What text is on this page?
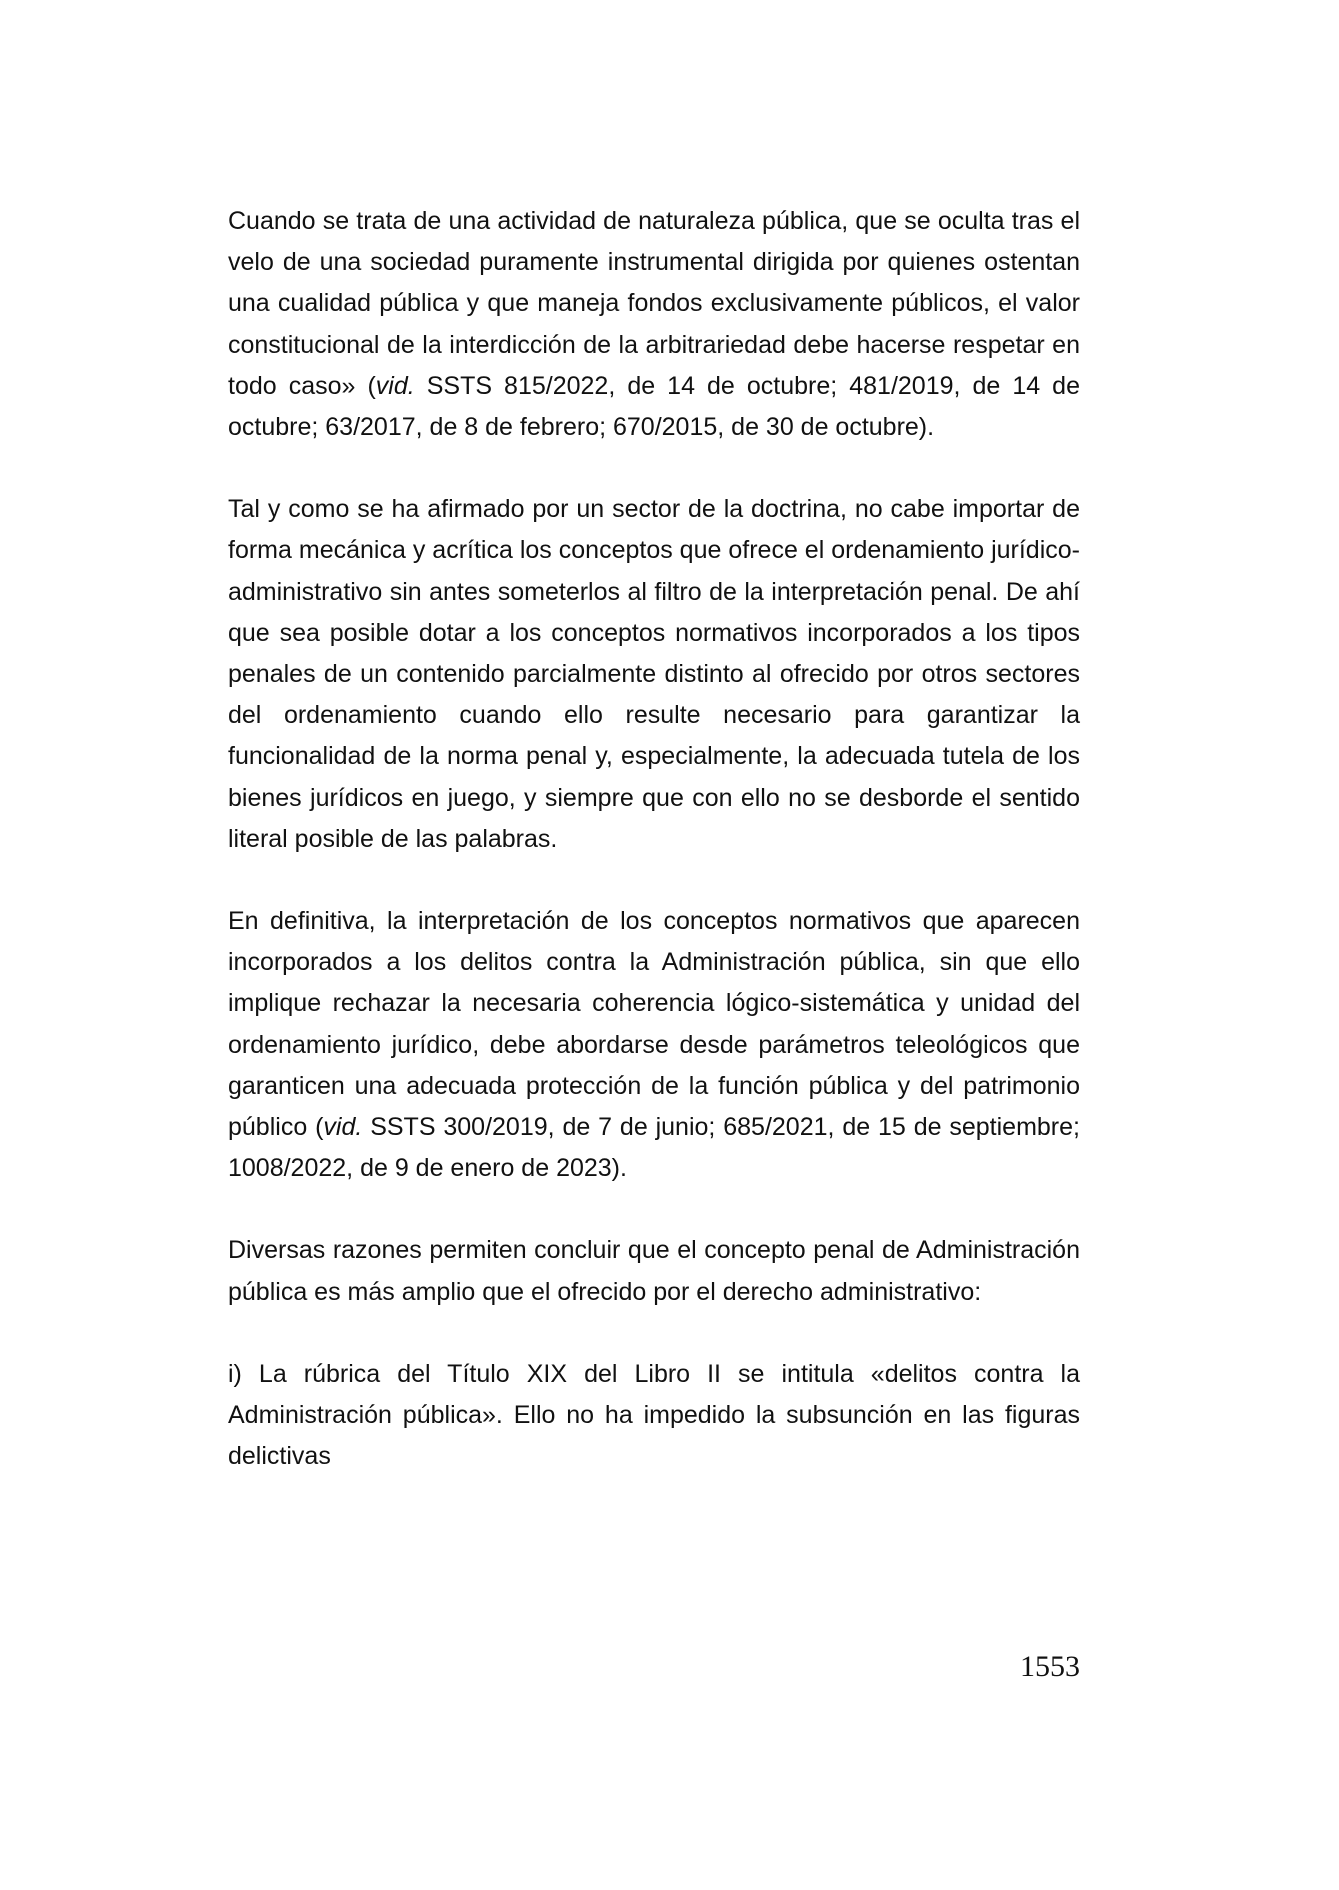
Cuando se trata de una actividad de naturaleza pública, que se oculta tras el velo de una sociedad puramente instrumental dirigida por quienes ostentan una cualidad pública y que maneja fondos exclusivamente públicos, el valor constitucional de la interdicción de la arbitrariedad debe hacerse respetar en todo caso» (vid. SSTS 815/2022, de 14 de octubre; 481/2019, de 14 de octubre; 63/2017, de 8 de febrero; 670/2015, de 30 de octubre).

Tal y como se ha afirmado por un sector de la doctrina, no cabe importar de forma mecánica y acrítica los conceptos que ofrece el ordenamiento jurídico-administrativo sin antes someterlos al filtro de la interpretación penal. De ahí que sea posible dotar a los conceptos normativos incorporados a los tipos penales de un contenido parcialmente distinto al ofrecido por otros sectores del ordenamiento cuando ello resulte necesario para garantizar la funcionalidad de la norma penal y, especialmente, la adecuada tutela de los bienes jurídicos en juego, y siempre que con ello no se desborde el sentido literal posible de las palabras.

En definitiva, la interpretación de los conceptos normativos que aparecen incorporados a los delitos contra la Administración pública, sin que ello implique rechazar la necesaria coherencia lógico-sistemática y unidad del ordenamiento jurídico, debe abordarse desde parámetros teleológicos que garanticen una adecuada protección de la función pública y del patrimonio público (vid. SSTS 300/2019, de 7 de junio; 685/2021, de 15 de septiembre; 1008/2022, de 9 de enero de 2023).

Diversas razones permiten concluir que el concepto penal de Administración pública es más amplio que el ofrecido por el derecho administrativo:

i) La rúbrica del Título XIX del Libro II se intitula «delitos contra la Administración pública». Ello no ha impedido la subsunción en las figuras delictivas

1553
